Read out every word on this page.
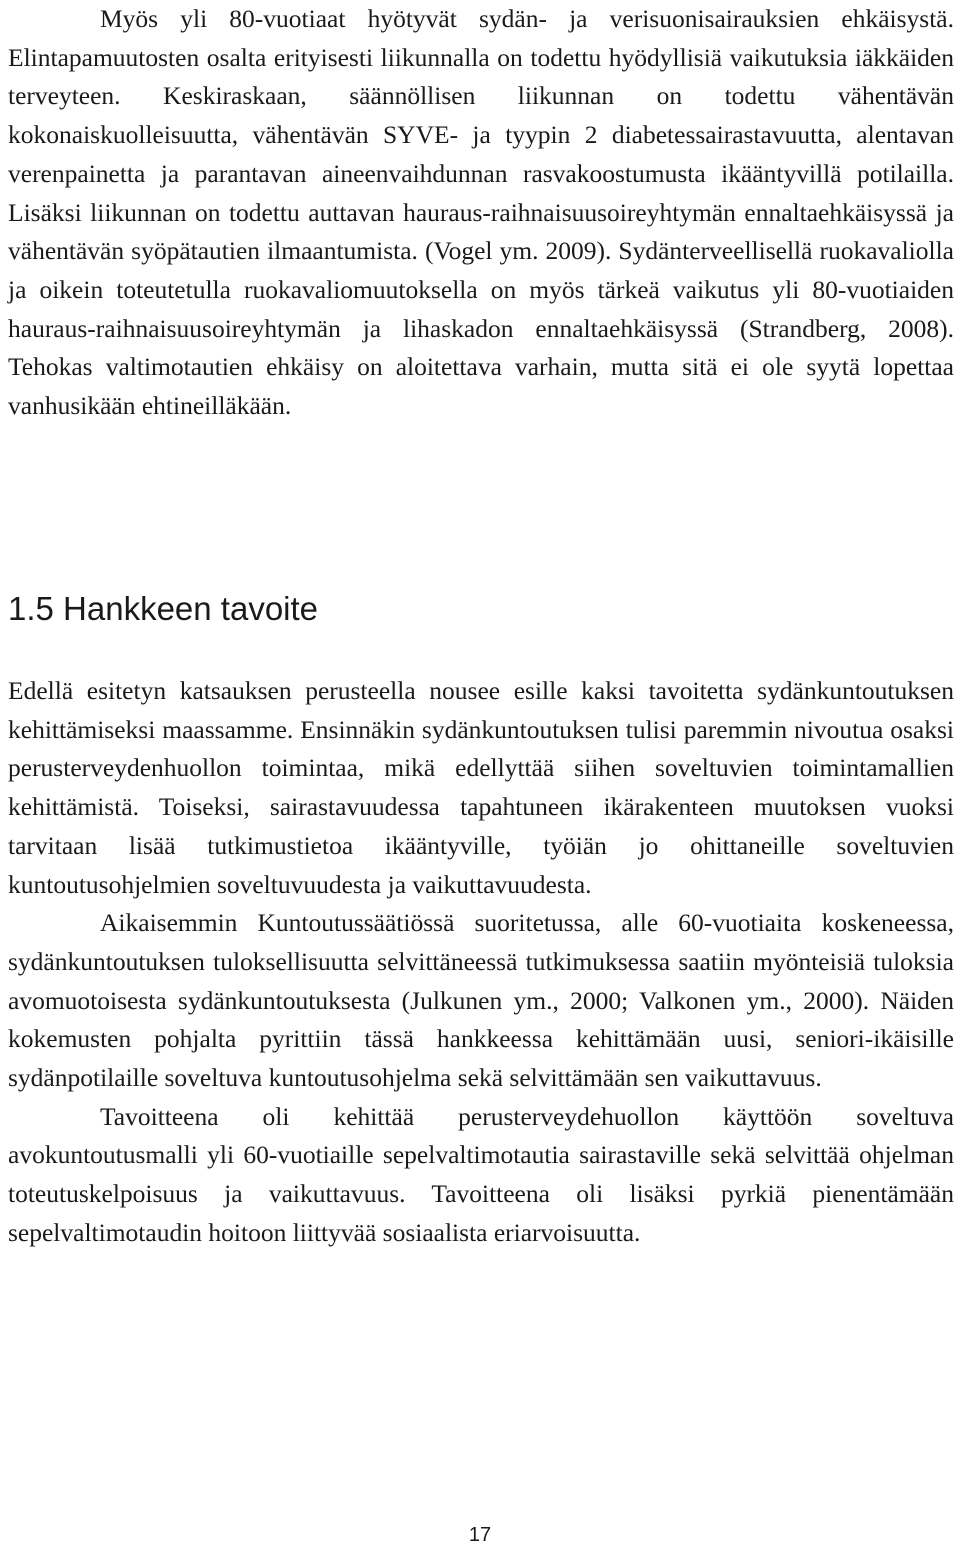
Myös yli 80-vuotiaat hyötyvät sydän- ja verisuonisairauksien ehkäisystä. Elintapamuutosten osalta erityisesti liikunnalla on todettu hyödyllisiä vaikutuksia iäkkäiden terveyteen. Keskiraskaan, säännöllisen liikunnan on todettu vähentävän kokonaiskuolleisuutta, vähentävän SYVE- ja tyypin 2 diabetessairastavuutta, alentavan verenpainetta ja parantavan aineenvaihdunnan rasvakoostumusta ikääntyvillä potilailla. Lisäksi liikunnan on todettu auttavan hauraus-raihnaisuusoireyhtymän ennaltaehkäisyssä ja vähentävän syöpätautien ilmaantumista. (Vogel ym. 2009). Sydänterveellisellä ruokavaliolla ja oikein toteutetulla ruokavaliomuutoksella on myös tärkeä vaikutus yli 80-vuotiaiden hauraus-raihnaisuusoireyhtymän ja lihaskadon ennaltaehkäisyssä (Strandberg, 2008). Tehokas valtimotautien ehkäisy on aloitettava varhain, mutta sitä ei ole syytä lopettaa vanhusikään ehtineilläkään.

1.5 Hankkeen tavoite

Edellä esitetyn katsauksen perusteella nousee esille kaksi tavoitetta sydänkuntoutuksen kehittämiseksi maassamme. Ensinnäkin sydänkuntoutuksen tulisi paremmin nivoutua osaksi perusterveydenhuollon toimintaa, mikä edellyttää siihen soveltuvien toimintamallien kehittämistä. Toiseksi, sairastavuudessa tapahtuneen ikärakenteen muutoksen vuoksi tarvitaan lisää tutkimustietoa ikääntyville, työiän jo ohittaneille soveltuvien kuntoutusohjelmien soveltuvuudesta ja vaikuttavuudesta.

Aikaisemmin Kuntoutussäätiössä suoritetussa, alle 60-vuotiaita koskeneessa, sydänkuntoutuksen tuloksellisuutta selvittäneessä tutkimuksessa saatiin myönteisiä tuloksia avomuotoisesta sydänkuntoutuksesta (Julkunen ym., 2000; Valkonen ym., 2000). Näiden kokemusten pohjalta pyrittiin tässä hankkeessa kehittämään uusi, seniori-ikäisille sydänpotilaille soveltuva kuntoutusohjelma sekä selvittämään sen vaikuttavuus.

Tavoitteena oli kehittää perusterveydehuollon käyttöön soveltuva avokuntoutusmalli yli 60-vuotiaille sepelvaltimotautia sairastaville sekä selvittää ohjelman toteutuskelpoisuus ja vaikuttavuus. Tavoitteena oli lisäksi pyrkiä pienentämään sepelvaltimotaudin hoitoon liittyvää sosiaalista eriarvoisuutta.

17
